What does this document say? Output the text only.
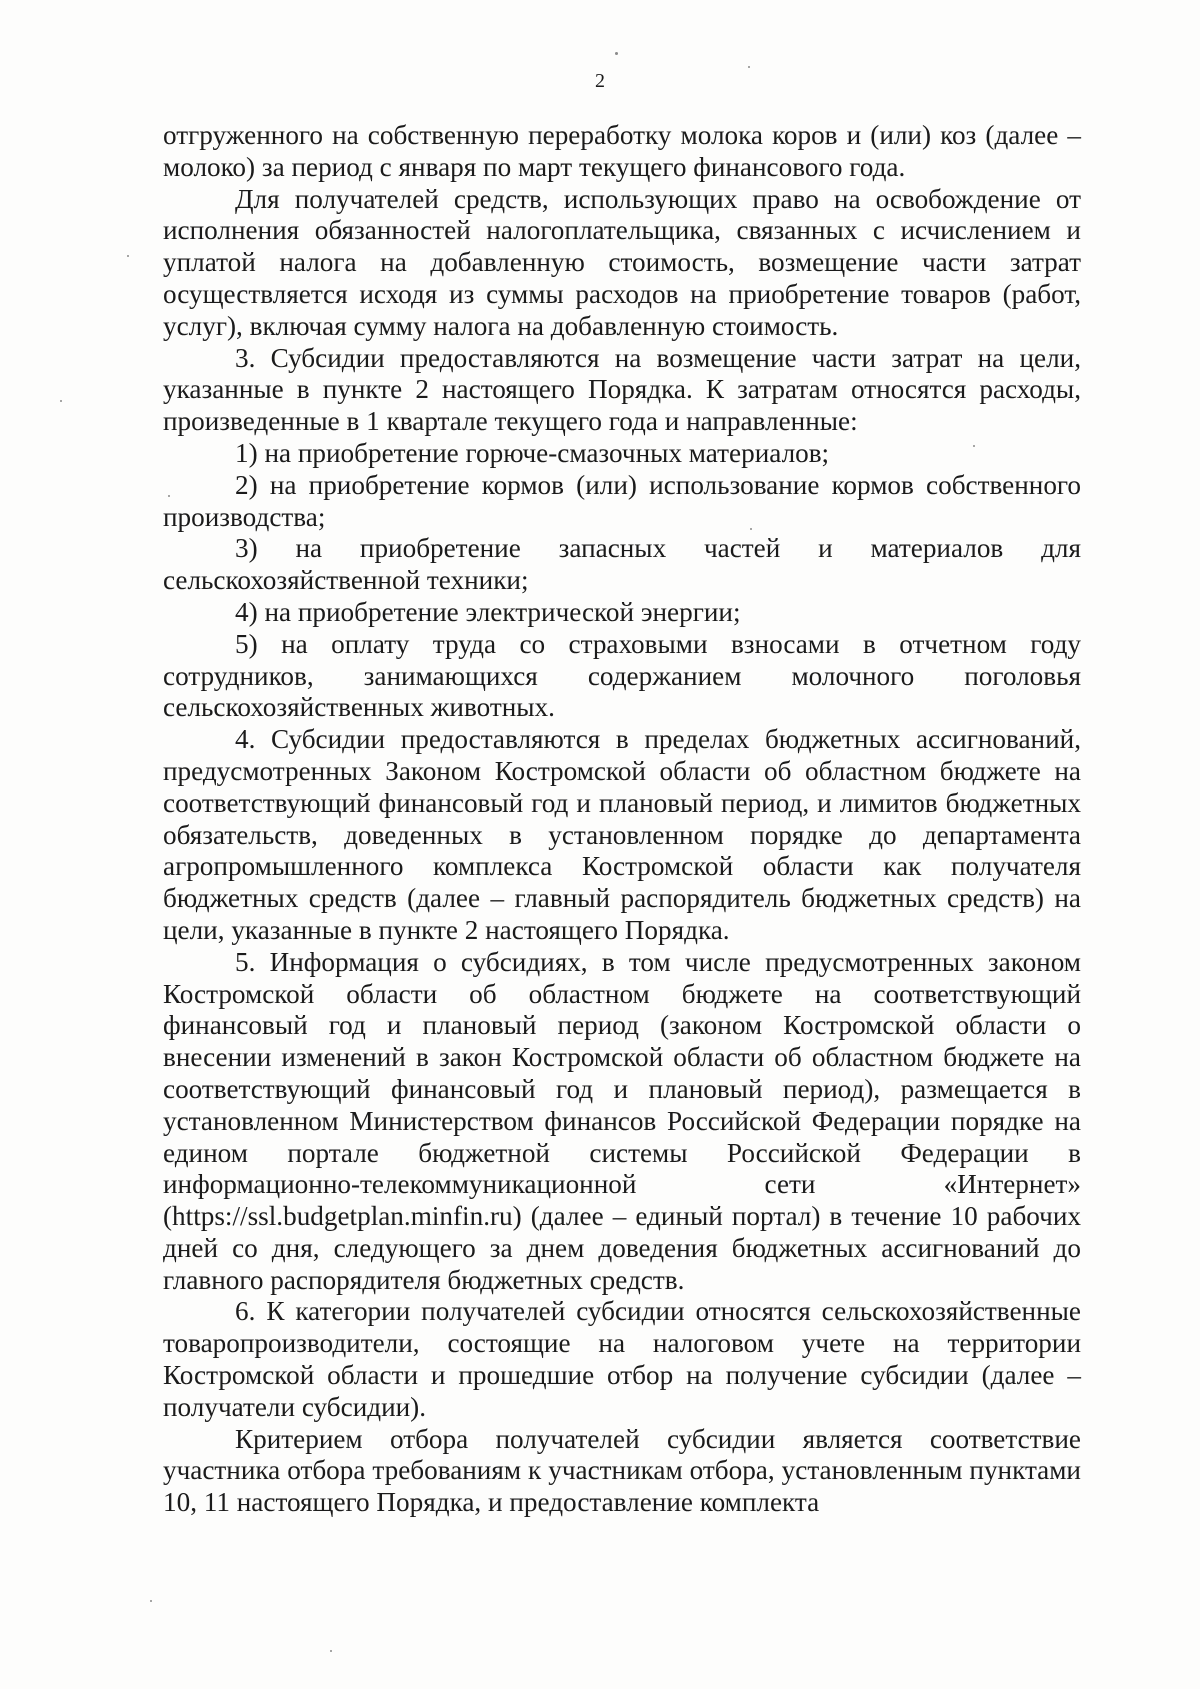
2

отгруженного на собственную переработку молока коров и (или) коз (далее – молоко) за период с января по март текущего финансового года.

Для получателей средств, использующих право на освобождение от исполнения обязанностей налогоплательщика, связанных с исчислением и уплатой налога на добавленную стоимость, возмещение части затрат осуществляется исходя из суммы расходов на приобретение товаров (работ, услуг), включая сумму налога на добавленную стоимость.

3. Субсидии предоставляются на возмещение части затрат на цели, указанные в пункте 2 настоящего Порядка. К затратам относятся расходы, произведенные в 1 квартале текущего года и направленные:

1) на приобретение горюче-смазочных материалов;

2) на приобретение кормов (или) использование кормов собственного производства;

3) на приобретение запасных частей и материалов для сельскохозяйственной техники;

4) на приобретение электрической энергии;

5) на оплату труда со страховыми взносами в отчетном году сотрудников, занимающихся содержанием молочного поголовья сельскохозяйственных животных.

4. Субсидии предоставляются в пределах бюджетных ассигнований, предусмотренных Законом Костромской области об областном бюджете на соответствующий финансовый год и плановый период, и лимитов бюджетных обязательств, доведенных в установленном порядке до департамента агропромышленного комплекса Костромской области как получателя бюджетных средств (далее – главный распорядитель бюджетных средств) на цели, указанные в пункте 2 настоящего Порядка.

5. Информация о субсидиях, в том числе предусмотренных законом Костромской области об областном бюджете на соответствующий финансовый год и плановый период (законом Костромской области о внесении изменений в закон Костромской области об областном бюджете на соответствующий финансовый год и плановый период), размещается в установленном Министерством финансов Российской Федерации порядке на едином портале бюджетной системы Российской Федерации в информационно-телекоммуникационной сети «Интернет» (https://ssl.budgetplan.minfin.ru) (далее – единый портал) в течение 10 рабочих дней со дня, следующего за днем доведения бюджетных ассигнований до главного распорядителя бюджетных средств.

6. К категории получателей субсидии относятся сельскохозяйственные товаропроизводители, состоящие на налоговом учете на территории Костромской области и прошедшие отбор на получение субсидии (далее – получатели субсидии).

Критерием отбора получателей субсидии является соответствие участника отбора требованиям к участникам отбора, установленным пунктами 10, 11 настоящего Порядка, и предоставление комплекта
